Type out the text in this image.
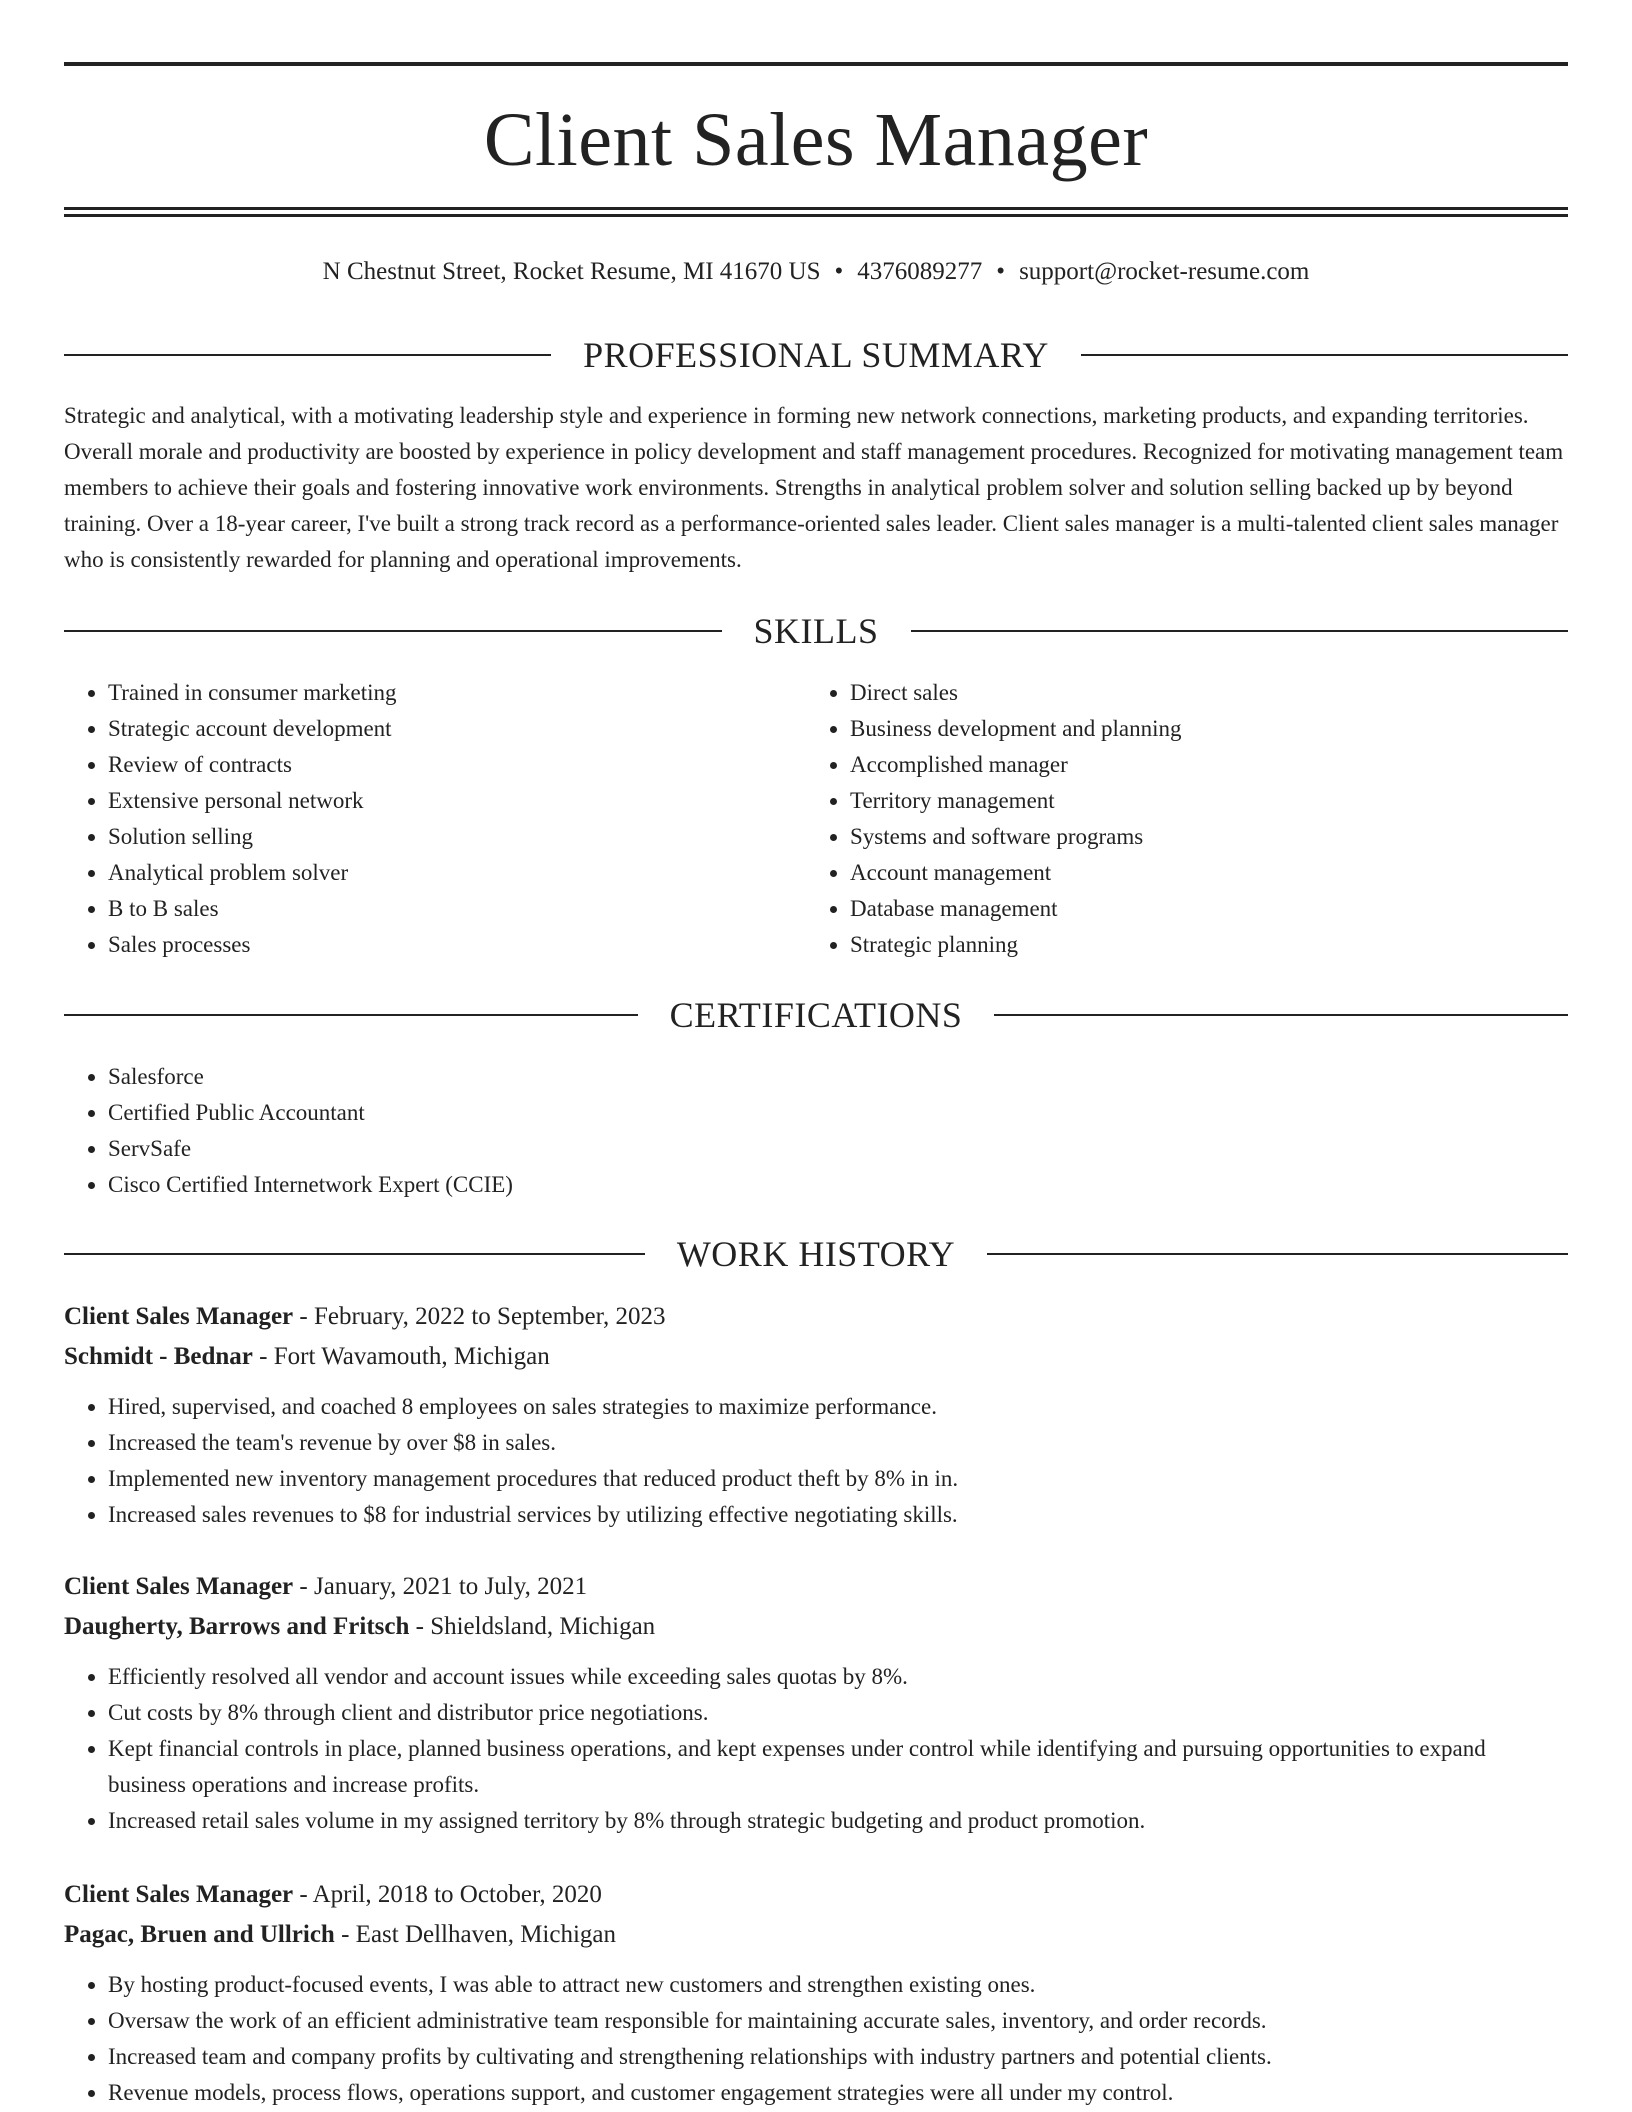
Client Sales Manager
N Chestnut Street, Rocket Resume, MI 41670 US • 4376089277 • support@rocket-resume.com
PROFESSIONAL SUMMARY
Strategic and analytical, with a motivating leadership style and experience in forming new network connections, marketing products, and expanding territories. Overall morale and productivity are boosted by experience in policy development and staff management procedures. Recognized for motivating management team members to achieve their goals and fostering innovative work environments. Strengths in analytical problem solver and solution selling backed up by beyond training. Over a 18-year career, I've built a strong track record as a performance-oriented sales leader. Client sales manager is a multi-talented client sales manager who is consistently rewarded for planning and operational improvements.
SKILLS
• Trained in consumer marketing
• Strategic account development
• Review of contracts
• Extensive personal network
• Solution selling
• Analytical problem solver
• B to B sales
• Sales processes
• Direct sales
• Business development and planning
• Accomplished manager
• Territory management
• Systems and software programs
• Account management
• Database management
• Strategic planning
CERTIFICATIONS
• Salesforce
• Certified Public Accountant
• ServSafe
• Cisco Certified Internetwork Expert (CCIE)
WORK HISTORY
Client Sales Manager - February, 2022 to September, 2023
Schmidt - Bednar - Fort Wavamouth, Michigan
• Hired, supervised, and coached 8 employees on sales strategies to maximize performance.
• Increased the team's revenue by over $8 in sales.
• Implemented new inventory management procedures that reduced product theft by 8% in in.
• Increased sales revenues to $8 for industrial services by utilizing effective negotiating skills.
Client Sales Manager - January, 2021 to July, 2021
Daugherty, Barrows and Fritsch - Shieldsland, Michigan
• Efficiently resolved all vendor and account issues while exceeding sales quotas by 8%.
• Cut costs by 8% through client and distributor price negotiations.
• Kept financial controls in place, planned business operations, and kept expenses under control while identifying and pursuing opportunities to expand business operations and increase profits.
• Increased retail sales volume in my assigned territory by 8% through strategic budgeting and product promotion.
Client Sales Manager - April, 2018 to October, 2020
Pagac, Bruen and Ullrich - East Dellhaven, Michigan
• By hosting product-focused events, I was able to attract new customers and strengthen existing ones.
• Oversaw the work of an efficient administrative team responsible for maintaining accurate sales, inventory, and order records.
• Increased team and company profits by cultivating and strengthening relationships with industry partners and potential clients.
• Revenue models, process flows, operations support, and customer engagement strategies were all under my control.
